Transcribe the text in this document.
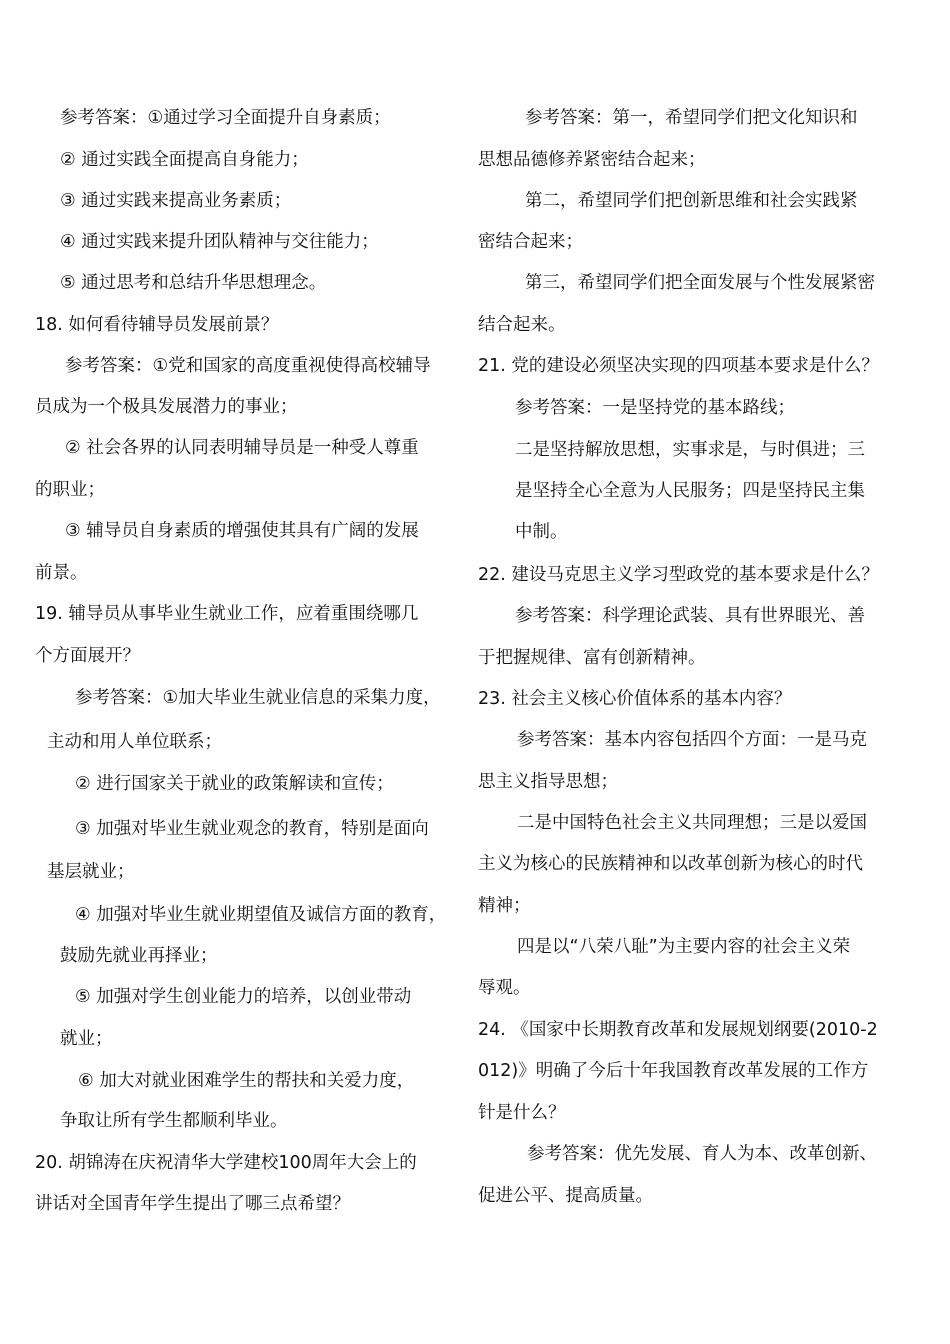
参考答案：①通过学习全面提升自身素质；
② 通过实践全面提高自身能力；
③ 通过实践来提高业务素质；
④ 通过实践来提升团队精神与交往能力；
⑤ 通过思考和总结升华思想理念。
18. 如何看待辅导员发展前景？
参考答案：①党和国家的高度重视使得高校辅导
员成为一个极具发展潜力的事业；
② 社会各界的认同表明辅导员是一种受人尊重
的职业；
③ 辅导员自身素质的增强使其具有广阔的发展
前景。
19. 辅导员从事毕业生就业工作，应着重围绕哪几
个方面展开？
参考答案：①加大毕业生就业信息的采集力度，
主动和用人单位联系；
② 进行国家关于就业的政策解读和宣传；
③ 加强对毕业生就业观念的教育，特别是面向
基层就业；
④ 加强对毕业生就业期望值及诚信方面的教育，
鼓励先就业再择业；
⑤ 加强对学生创业能力的培养，以创业带动
就业；
⑥ 加大对就业困难学生的帮扶和关爱力度，
争取让所有学生都顺利毕业。
20. 胡锦涛在庆祝清华大学建校100周年大会上的
讲话对全国青年学生提出了哪三点希望？
参考答案：第一，希望同学们把文化知识和
思想品德修养紧密结合起来；
第二，希望同学们把创新思维和社会实践紧
密结合起来；
第三，希望同学们把全面发展与个性发展紧密
结合起来。
21. 党的建设必须坚决实现的四项基本要求是什么？
参考答案：一是坚持党的基本路线；
二是坚持解放思想，实事求是，与时俱进；三
是坚持全心全意为人民服务；四是坚持民主集
中制。
22. 建设马克思主义学习型政党的基本要求是什么？
参考答案：科学理论武装、具有世界眼光、善
于把握规律、富有创新精神。
23. 社会主义核心价值体系的基本内容？
参考答案：基本内容包括四个方面：一是马克
思主义指导思想；
二是中国特色社会主义共同理想；三是以爱国
主义为核心的民族精神和以改革创新为核心的时代
精神；
四是以“八荣八耻”为主要内容的社会主义荣
辱观。
24. 《国家中长期教育改革和发展规划纲要(2010-2
012)》明确了今后十年我国教育改革发展的工作方
针是什么？
参考答案：优先发展、育人为本、改革创新、
促进公平、提高质量。
